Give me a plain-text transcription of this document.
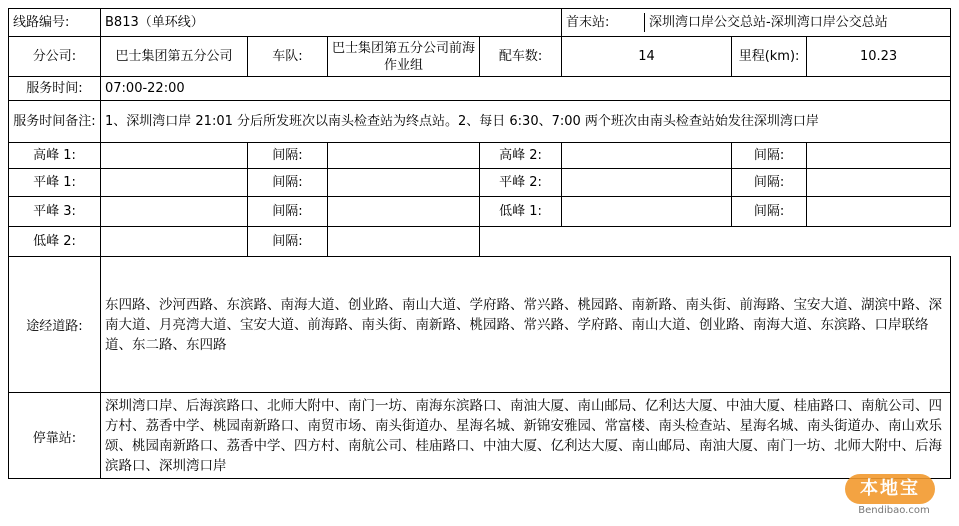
线路编号:	B813（单环线）		首末站:	深圳湾口岸公交总站-深圳湾口岸公交总站

分公司:	巴士集团第五分公司	车队:	巴士集团第五分公司前海作业组	配车数:	14	里程(km):	10.23
服务时间:	07:00-22:00
服务时间备注:	1、深圳湾口岸 21:01 分后所发班次以南头检查站为终点站。2、每日 6:30、7:00 两个班次由南头检查站始发往深圳湾口岸
高峰 1:		间隔:		高峰 2:		间隔:	
平峰 1:		间隔:		平峰 2:		间隔:	
平峰 3:		间隔:		低峰 1:		间隔:	
低峰 2:		间隔:		
途经道路:	东四路、沙河西路、东滨路、南海大道、创业路、南山大道、学府路、常兴路、桃园路、南新路、南头街、前海路、宝安大道、湖滨中路、深南大道、月亮湾大道、宝安大道、前海路、南头街、南新路、桃园路、常兴路、学府路、南山大道、创业路、南海大道、东滨路、口岸联络道、东二路、东四路
停靠站:	深圳湾口岸、后海滨路口、北师大附中、南门一坊、南海东滨路口、南油大厦、南山邮局、亿利达大厦、中油大厦、桂庙路口、南航公司、四方村、荔香中学、桃园南新路口、南贸市场、南头街道办、星海名城、新锦安雅园、常富楼、南头检查站、星海名城、南头街道办、南山欢乐颂、桃园南新路口、荔香中学、四方村、南航公司、桂庙路口、中油大厦、亿利达大厦、南山邮局、南油大厦、南门一坊、北师大附中、后海滨路口、深圳湾口岸
本地宝
Bendibao.com
